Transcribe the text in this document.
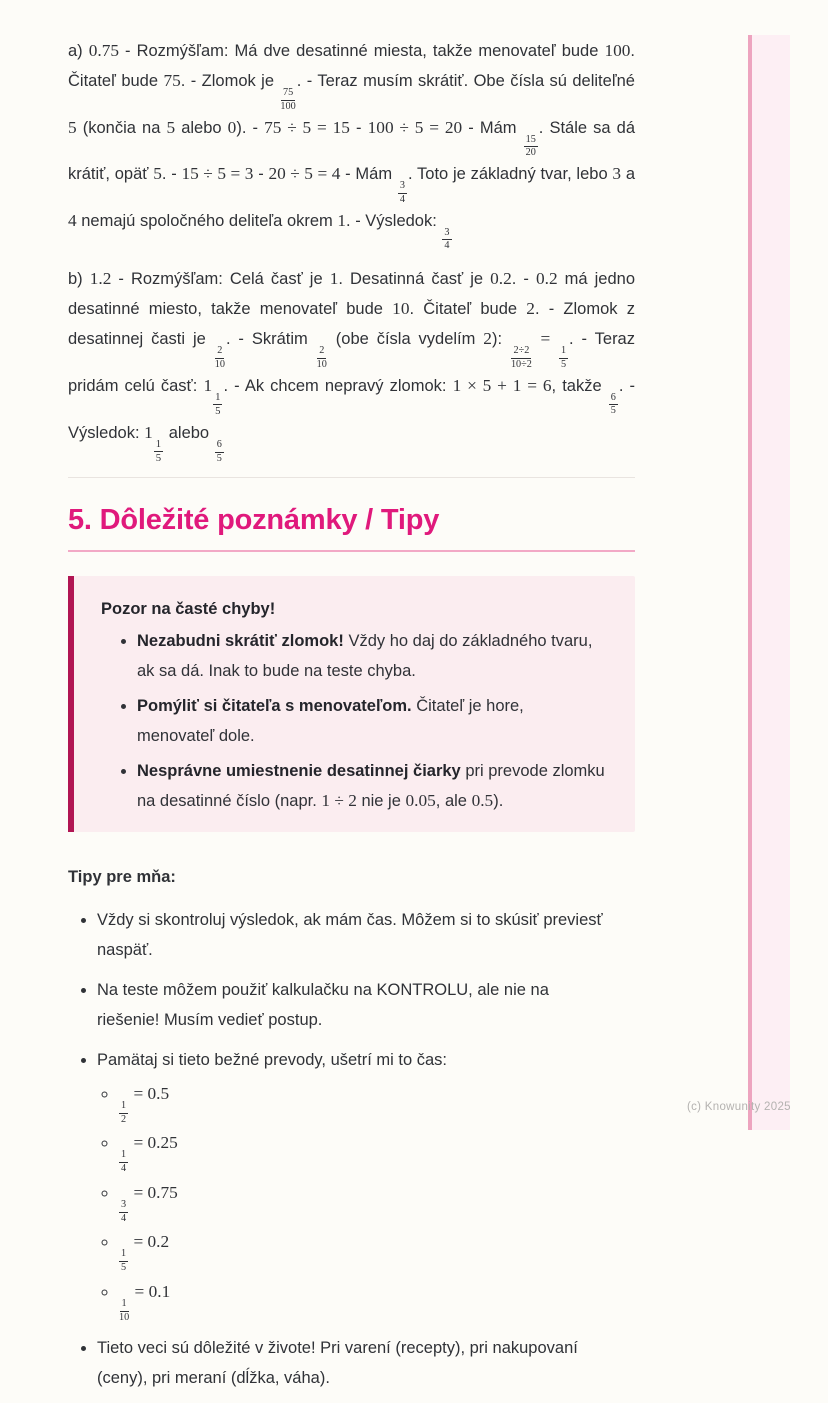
a) 0.75 - Rozmýšľam: Má dve desatinné miesta, takže menovateľ bude 100. Čitateľ bude 75. - Zlomok je
$\frac{75}{100}$
. - Teraz musím skrátiť. Obe čísla sú deliteľné 5 (končia na 5 alebo 0). - 75 ÷ 5 = 15 - 100 ÷ 5 = 20 - Mám
$\frac{15}{20}$
. Stále sa dá krátiť, opäť 5. - 15 ÷ 5 = 3 - 20 ÷ 5 = 4 - Mám
$\frac{3}{4}$
. Toto je základný tvar, lebo 3 a 4 nemajú spoločného deliteľa okrem 1. - Výsledok:
$\frac{3}{4}$

b) 1.2 - Rozmýšľam: Celá časť je 1. Desatinná časť je 0.2. - 0.2 má jedno desatinné miesto, takže menovateľ bude 10. Čitateľ bude 2. - Zlomok z desatinnej časti je
$\frac{2}{10}$
. - Skrátim
$\frac{2}{10}$
(obe čísla vydelím 2):
$\frac{2\div 2}{10\div 2}$
=
$\frac{1}{5}$
. - Teraz pridám celú časť: 1
$\frac{1}{5}$
. - Ak chcem nepravý zlomok: 1 × 5 + 1 = 6, takže
$\frac{6}{5}$
. - Výsledok: 1
$\frac{1}{5}$
alebo
$\frac{6}{5}$

5. Dôležité poznámky / Tipy

Pozor na časté chyby!

• Nezabudni skrátiť zlomok! Vždy ho daj do základného tvaru, ak sa dá. Inak to bude na teste chyba.
• Pomýliť si čitateľa s menovateľom. Čitateľ je hore, menovateľ dole.
• Nesprávne umiestnenie desatinnej čiarky pri prevode zlomku na desatinné číslo (napr. 1 ÷ 2 nie je 0.05, ale 0.5).

Tipy pre mňa:

• Vždy si skontroluj výsledok, ak mám čas. Môžem si to skúsiť previesť naspäť.
• Na teste môžem použiť kalkulačku na KONTROLU, ale nie na riešenie! Musím vedieť postup.
• Pamätaj si tieto bežné prevody, ušetrí mi to čas:
◦ $\frac{1}{2}$
= 0.5
◦ $\frac{1}{4}$
= 0.25
◦ $\frac{3}{4}$
= 0.75
◦ $\frac{1}{5}$
= 0.2
◦ $\frac{1}{10}$
= 0.1
• Tieto veci sú dôležité v živote! Pri varení (recepty), pri nakupovaní (ceny), pri meraní (dĺžka, váha).
(c) Knowunity 2025
